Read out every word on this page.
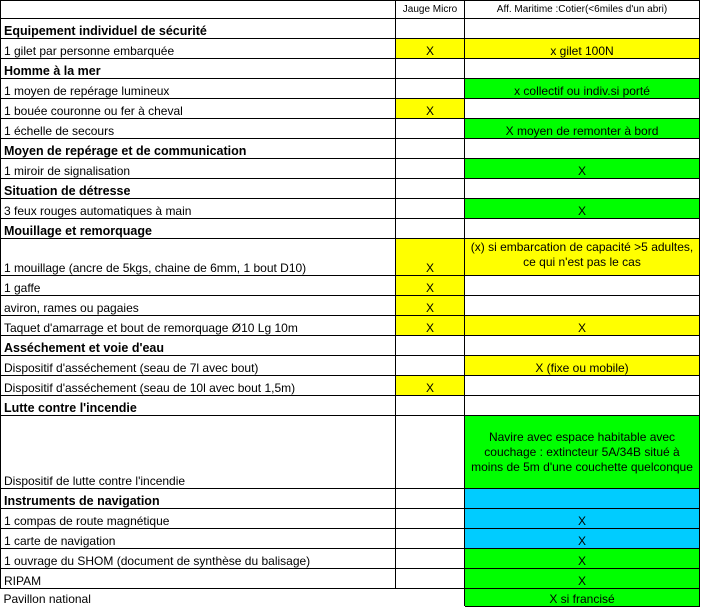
	Jauge Micro	Aff. Maritime :Cotier(<6miles d'un abri)
Equipement individuel de sécurité		
1 gilet par personne embarquée	X	x gilet 100N
Homme à la mer		
1 moyen de repérage lumineux		x collectif ou indiv.si porté
1 bouée couronne ou fer à cheval	X	
1 échelle de secours		X moyen de remonter à bord
Moyen de repérage et de communication		
1 miroir de signalisation		X
Situation de détresse		
3 feux rouges automatiques à main		X
Mouillage et remorquage		
1 mouillage (ancre de 5kgs, chaine de 6mm, 1 bout D10)	X	(x) si embarcation de capacité >5 adultes, ce qui n'est pas le cas
1 gaffe	X	
aviron, rames ou pagaies	X	
Taquet d'amarrage et bout de remorquage Ø10 Lg 10m	X	X
Asséchement et voie d'eau		
Dispositif d'asséchement (seau de 7l avec bout)		X (fixe ou mobile)
Dispositif d'asséchement (seau de 10l avec bout 1,5m)	X	
Lutte contre l'incendie		
Dispositif de lutte contre l'incendie		Navire avec espace habitable avec couchage : extincteur 5A/34B situé à moins de 5m d'une couchette quelconque
Instruments de navigation		
1 compas de route magnétique		X
1 carte de navigation		X
1 ouvrage du SHOM (document de synthèse du balisage)		X
RIPAM		X
Pavillon national		X si francisé
